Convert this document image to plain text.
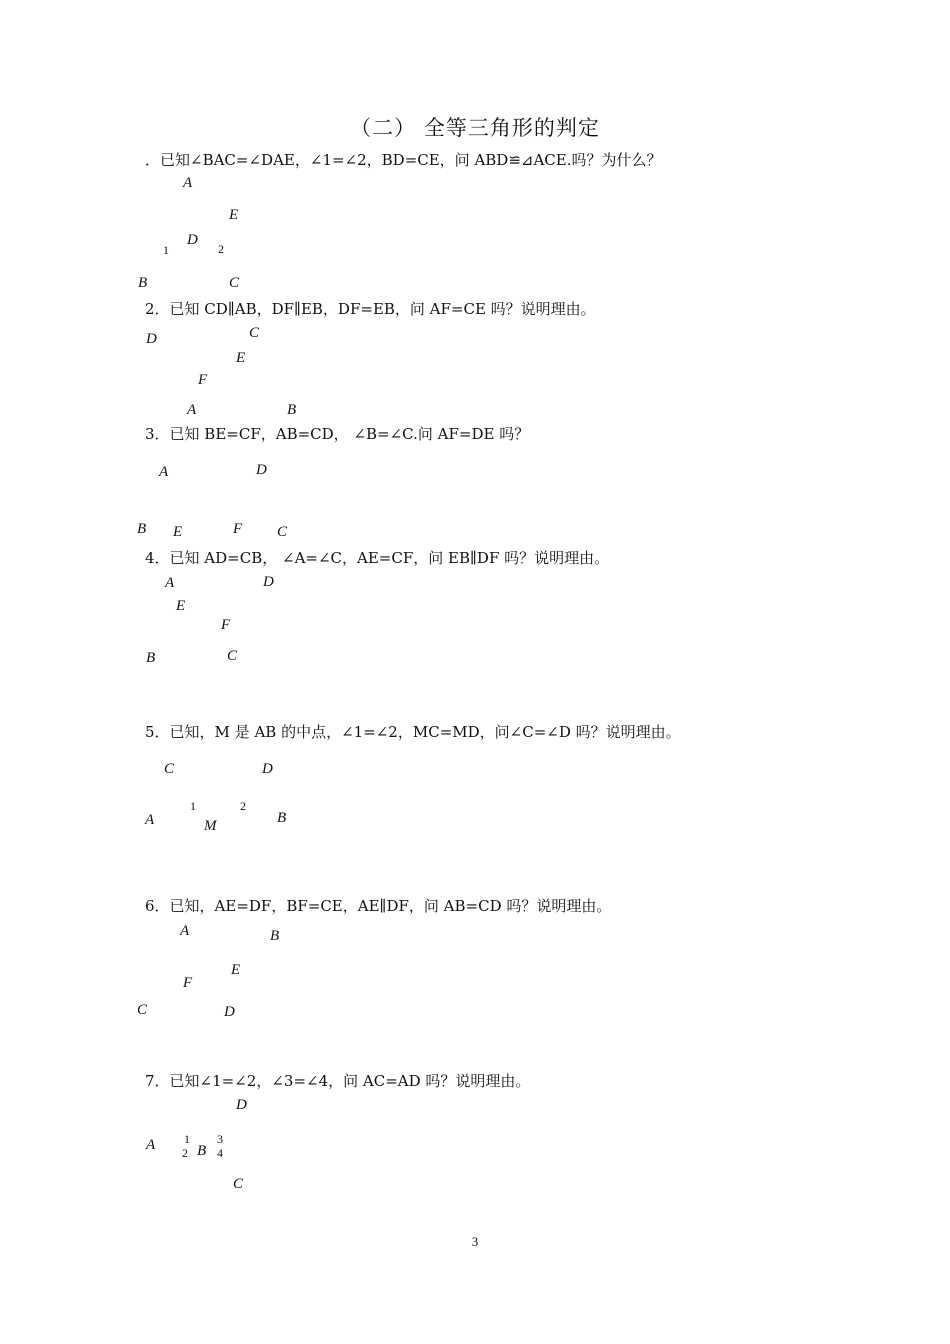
（二） 全等三角形的判定
．已知∠BAC=∠DAE，∠1=∠2，BD=CE，问 ABD≌⊿ACE.吗？为什么？
A
E
1
D
2
B	C
2．已知 CD∥AB，DF∥EB，DF=EB，问 AF=CE 吗？说明理由。
D	C
E
F
A	B
3．已知 BE=CF，AB=CD， ∠B=∠C.问 AF=DE 吗？
A	D
B E	F C
4．已知 AD=CB， ∠A=∠C，AE=CF，问 EB∥DF 吗？说明理由。
A	D
E
F
B	C
5．已知，M 是 AB 的中点，∠1=∠2，MC=MD，问∠C=∠D 吗？说明理由。
C	D
1	2
A	M	B
6．已知，AE=DF，BF=CE，AE∥DF，问 AB=CD 吗？说明理由。
A	B
E
F
C	D
7．已知∠1=∠2，∠3=∠4，问 AC=AD 吗？说明理由。
D
A 1
2 B
3
4
C
3
